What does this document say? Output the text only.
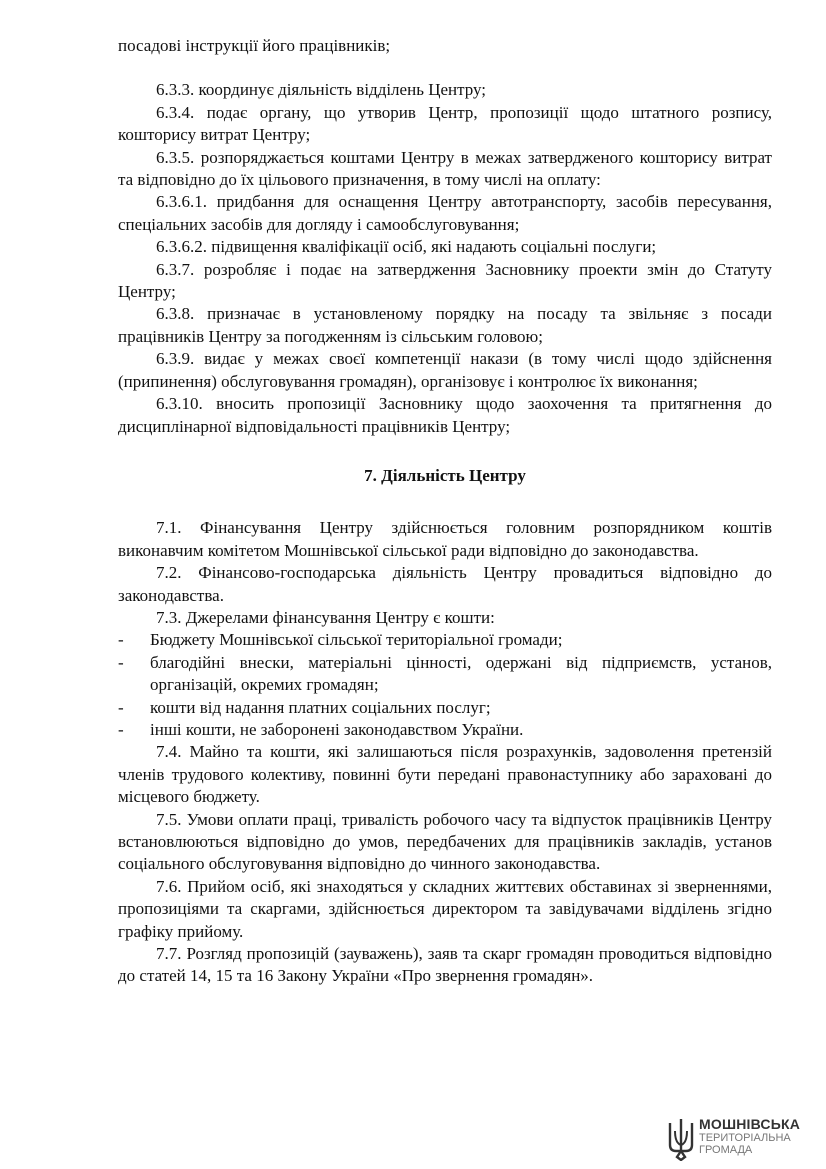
посадові інструкції його працівників;

6.3.3. координує діяльність відділень Центру;

6.3.4. подає органу, що утворив Центр, пропозиції щодо штатного розпису, кошторису витрат Центру;

6.3.5. розпоряджається коштами Центру в межах затвердженого кошторису витрат та відповідно до їх цільового призначення, в тому числі на оплату:

6.3.6.1. придбання для оснащення Центру автотранспорту, засобів пересування, спеціальних засобів для догляду і самообслуговування;

6.3.6.2. підвищення кваліфікації осіб, які надають соціальні послуги;

6.3.7. розробляє і подає на затвердження Засновнику проекти змін до Статуту Центру;

6.3.8. призначає в установленому порядку на посаду та звільняє з посади працівників Центру за погодженням із сільським головою;

6.3.9. видає у межах своєї компетенції накази (в тому числі щодо здійснення (припинення) обслуговування громадян), організовує і контролює їх виконання;

6.3.10. вносить пропозиції Засновнику щодо заохочення та притягнення до дисциплінарної відповідальності працівників Центру;

7. Діяльність Центру

7.1. Фінансування Центру здійснюється головним розпорядником коштів виконавчим комітетом Мошнівської сільської ради відповідно до законодавства.

7.2. Фінансово-господарська діяльність Центру провадиться відповідно до законодавства.

7.3. Джерелами фінансування Центру є кошти:

- Бюджету Мошнівської сільської територіальної громади;
- благодійні внески, матеріальні цінності, одержані від підприємств, установ, організацій, окремих громадян;
- кошти від надання платних соціальних послуг;
- інші кошти, не заборонені законодавством України.

7.4. Майно та кошти, які залишаються після розрахунків, задоволення претензій членів трудового колективу, повинні бути передані правонаступнику або зараховані до місцевого бюджету.

7.5. Умови оплати праці, тривалість робочого часу та відпусток працівників Центру встановлюються відповідно до умов, передбачених для працівників закладів, установ соціального обслуговування відповідно до чинного законодавства.

7.6. Прийом осіб, які знаходяться у складних життєвих обставинах зі зверненнями, пропозиціями та скаргами, здійснюється директором та завідувачами відділень згідно графіку прийому.

7.7. Розгляд пропозицій (зауважень), заяв та скарг громадян проводиться відповідно до статей 14, 15 та 16 Закону України «Про звернення громадян».

МОШНІВСЬКА
ТЕРИТОРІАЛЬНА
ГРОМАДА
